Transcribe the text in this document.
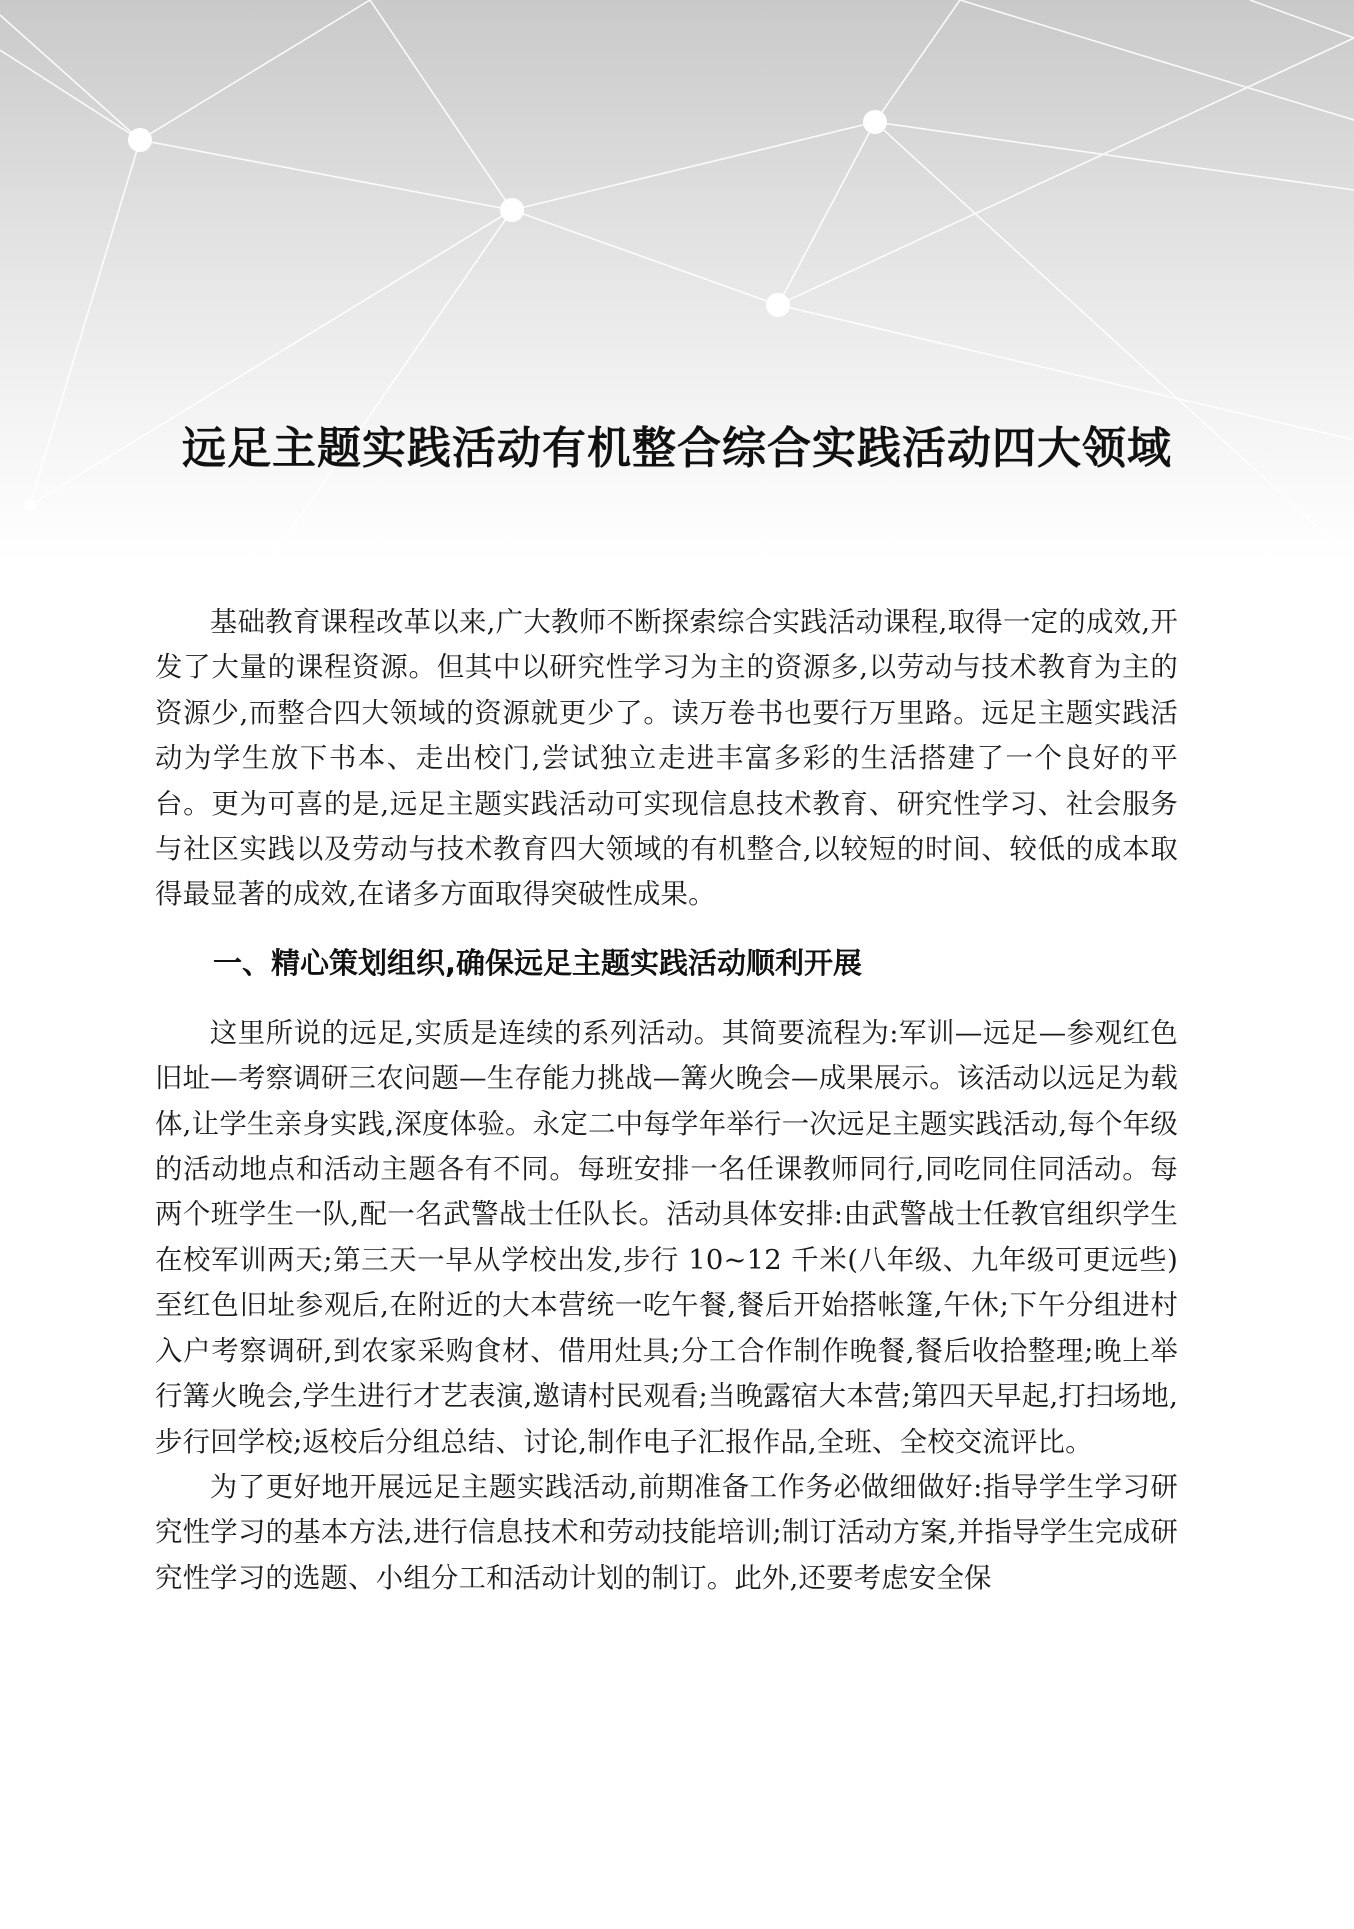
远足主题实践活动有机整合综合实践活动四大领域

基础教育课程改革以来,广大教师不断探索综合实践活动课程,取得一定的成效,开发了大量的课程资源。但其中以研究性学习为主的资源多,以劳动与技术教育为主的资源少,而整合四大领域的资源就更少了。读万卷书也要行万里路。远足主题实践活动为学生放下书本、走出校门,尝试独立走进丰富多彩的生活搭建了一个良好的平台。更为可喜的是,远足主题实践活动可实现信息技术教育、研究性学习、社会服务与社区实践以及劳动与技术教育四大领域的有机整合,以较短的时间、较低的成本取得最显著的成效,在诸多方面取得突破性成果。

一、精心策划组织,确保远足主题实践活动顺利开展

这里所说的远足,实质是连续的系列活动。其简要流程为:军训—远足—参观红色旧址—考察调研三农问题—生存能力挑战—篝火晚会—成果展示。该活动以远足为载体,让学生亲身实践,深度体验。永定二中每学年举行一次远足主题实践活动,每个年级的活动地点和活动主题各有不同。每班安排一名任课教师同行,同吃同住同活动。每两个班学生一队,配一名武警战士任队长。活动具体安排:由武警战士任教官组织学生在校军训两天;第三天一早从学校出发,步行 10~12 千米(八年级、九年级可更远些)至红色旧址参观后,在附近的大本营统一吃午餐,餐后开始搭帐篷,午休;下午分组进村入户考察调研,到农家采购食材、借用灶具;分工合作制作晚餐,餐后收拾整理;晚上举行篝火晚会,学生进行才艺表演,邀请村民观看;当晚露宿大本营;第四天早起,打扫场地,步行回学校;返校后分组总结、讨论,制作电子汇报作品,全班、全校交流评比。

为了更好地开展远足主题实践活动,前期准备工作务必做细做好:指导学生学习研究性学习的基本方法,进行信息技术和劳动技能培训;制订活动方案,并指导学生完成研究性学习的选题、小组分工和活动计划的制订。此外,还要考虑安全保
